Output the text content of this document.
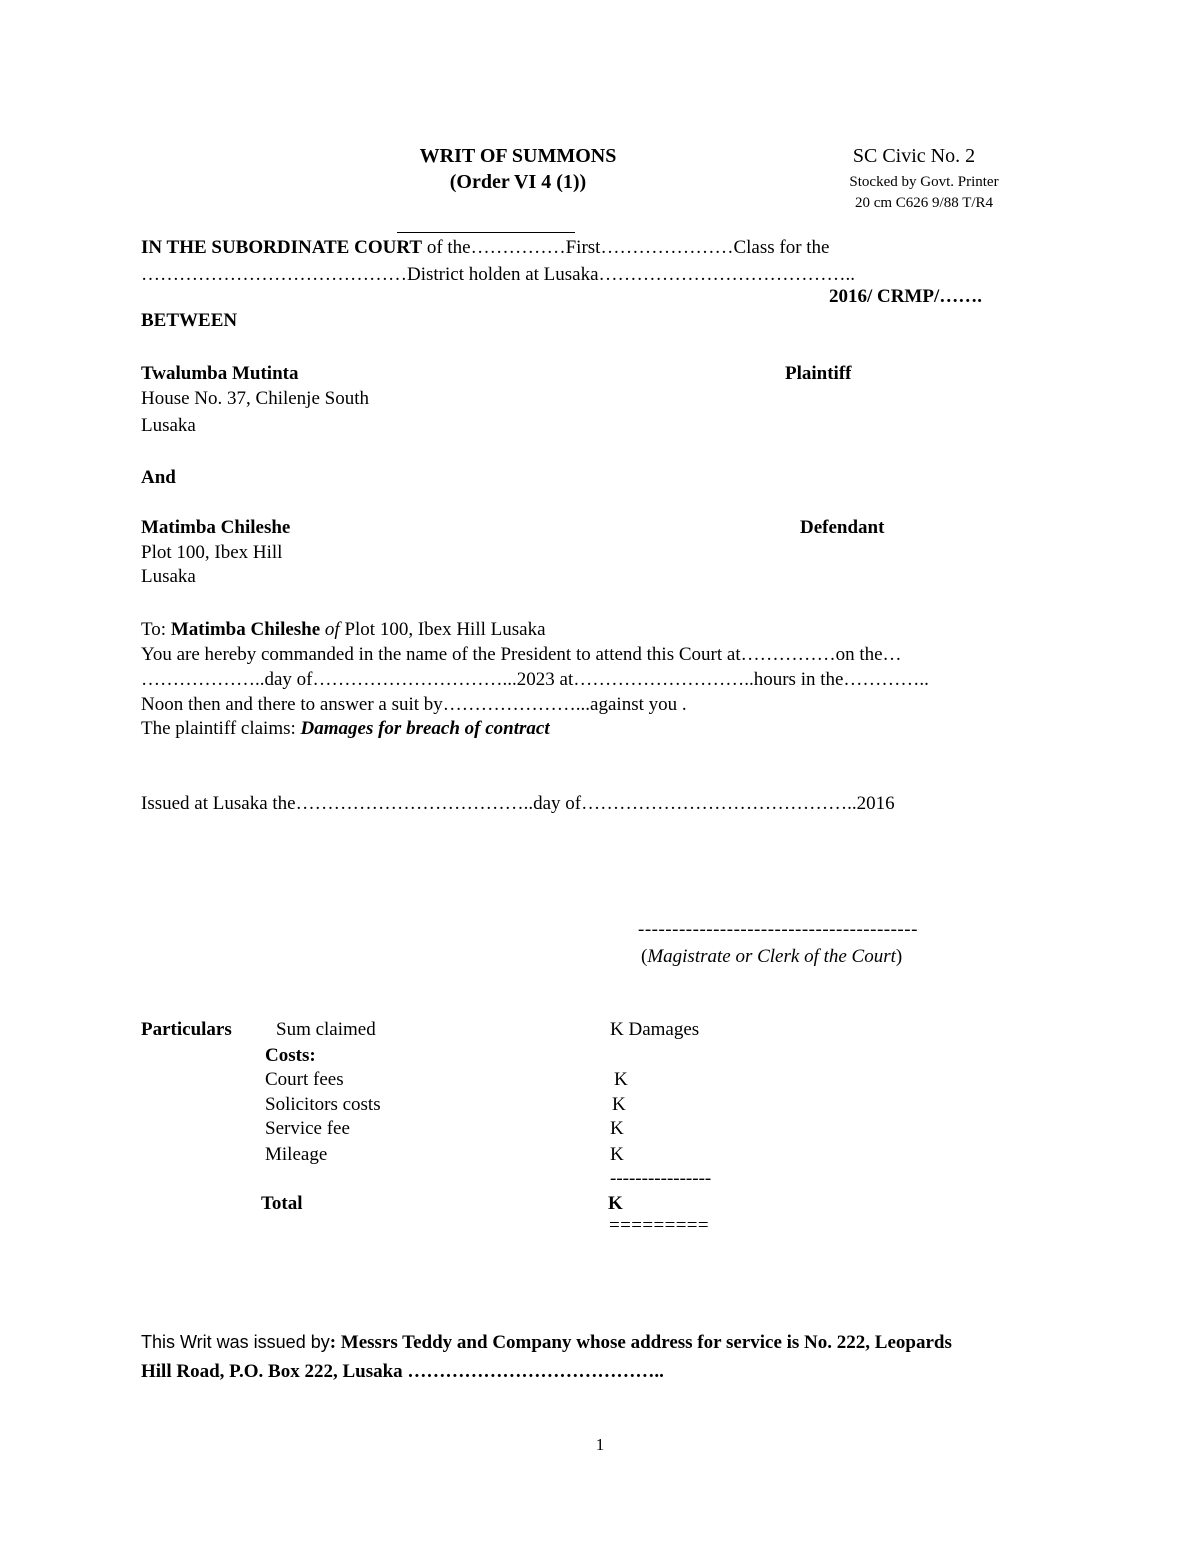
WRIT OF SUMMONS
(Order VI 4 (1))
SC Civic No. 2
Stocked by Govt. Printer
20 cm C626 9/88 T/R4
IN THE SUBORDINATE COURT of the……………First…………………Class for the
……………………………………District holden at Lusaka…………………………………..
2016/ CRMP/…….
BETWEEN
Twalumba Mutinta	Plaintiff
House No. 37, Chilenje South
Lusaka
And
Matimba Chileshe	Defendant
Plot 100, Ibex Hill
Lusaka
To: Matimba Chileshe of Plot 100, Ibex Hill Lusaka
You are hereby commanded in the name of the President to attend this Court at……………on the…
………………..day of…………………………...2023 at………………………..hours in the…………..
Noon then and there to answer a suit by…………………...against you .
The plaintiff claims: Damages for breach of contract
Issued at Lusaka the………………………………..day of……………………………………..2016
-----------------------------------------
(Magistrate or Clerk of the Court)
Particulars Sum claimed	K Damages
Costs:
Court fees	K
Solicitors costs	K
Service fee	K
Mileage	K
----------------
Total	K
=========
This Writ was issued by: Messrs Teddy and Company whose address for service is No. 222, Leopards
Hill Road, P.O. Box 222, Lusaka …………………………………..
1
